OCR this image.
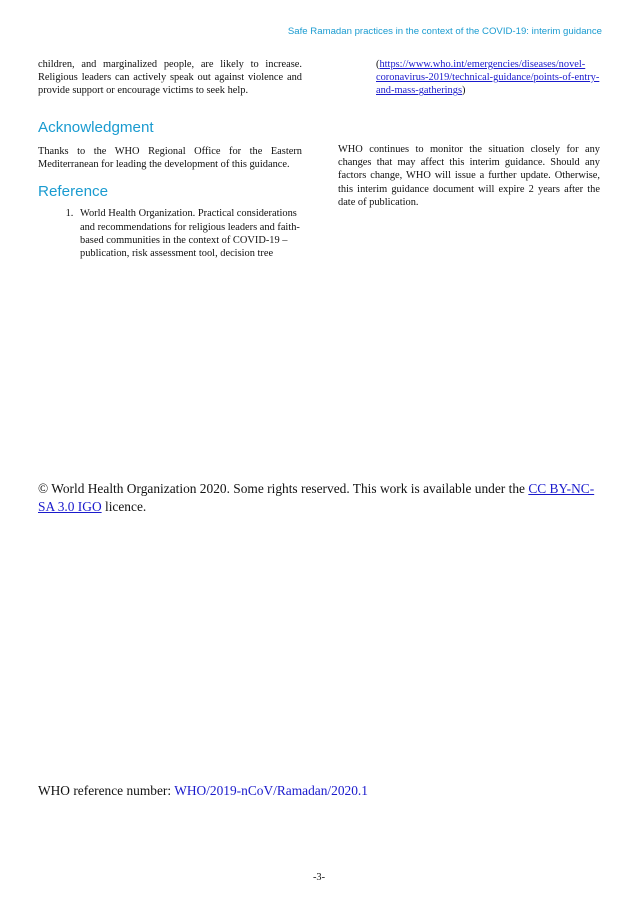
Safe Ramadan practices in the context of the COVID-19: interim guidance

children, and marginalized people, are likely to increase. Religious leaders can actively speak out against violence and provide support or encourage victims to seek help.

Acknowledgment

Thanks to the WHO Regional Office for the Eastern Mediterranean for leading the development of this guidance.

Reference
1. World Health Organization. Practical considerations and recommendations for religious leaders and faith-based communities in the context of COVID-19 – publication, risk assessment tool, decision tree
(https://www.who.int/emergencies/diseases/novel-coronavirus-2019/technical-guidance/points-of-entry-and-mass-gatherings)

WHO continues to monitor the situation closely for any changes that may affect this interim guidance. Should any factors change, WHO will issue a further update. Otherwise, this interim guidance document will expire 2 years after the date of publication.

© World Health Organization 2020. Some rights reserved. This work is available under the CC BY-NC-SA 3.0 IGO licence.

WHO reference number: WHO/2019-nCoV/Ramadan/2020.1

-3-
